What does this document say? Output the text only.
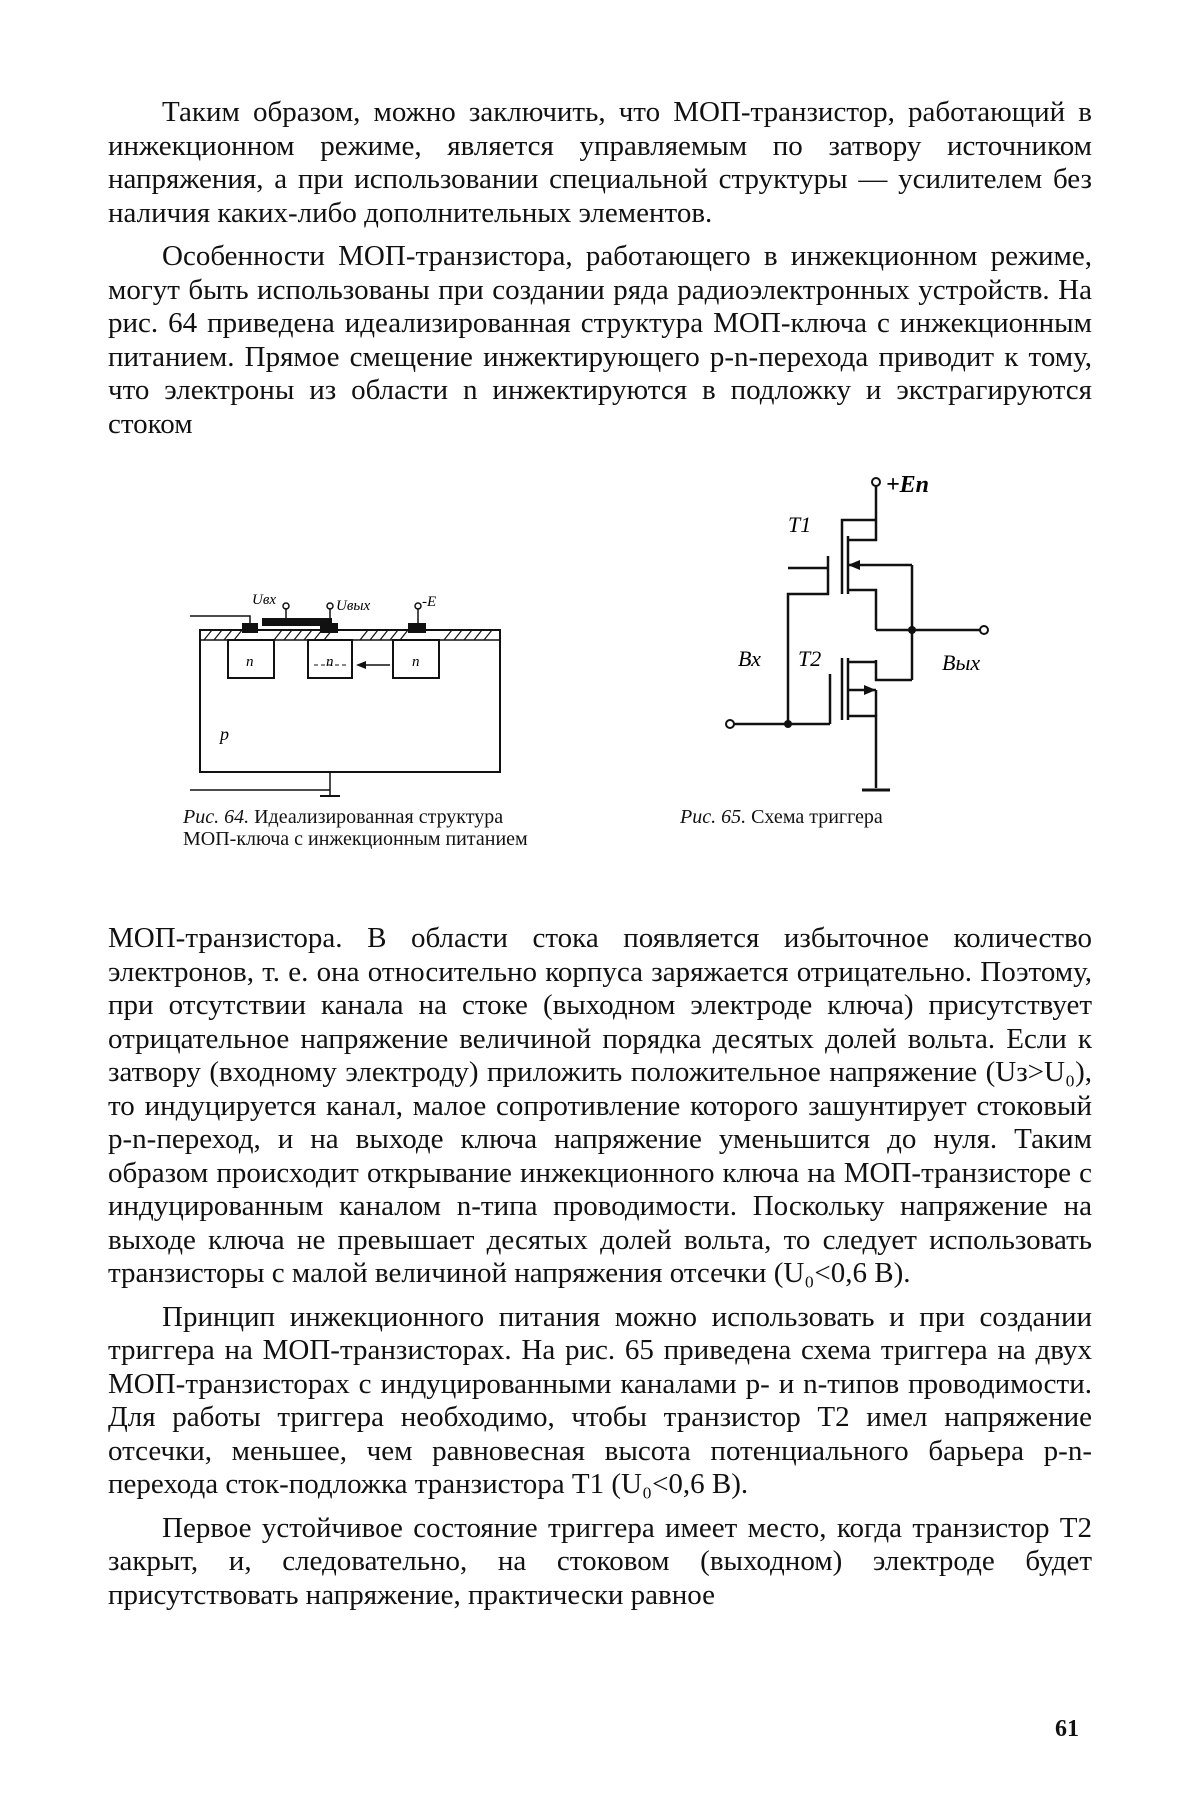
Таким образом, можно заключить, что МОП-транзистор, работающий в инжекционном режиме, является управляемым по затвору источником напряжения, а при использовании специальной структуры — усилителем без наличия каких-либо дополнительных элементов.

Особенности МОП-транзистора, работающего в инжекционном режиме, могут быть использованы при создании ряда радиоэлектронных устройств. На рис. 64 приведена идеализированная структура МОП-ключа с инжекционным питанием. Прямое смещение инжектирующего p-n-перехода приводит к тому, что электроны из области n инжектируются в подложку и экстрагируются стоком

Uвх	Uвых	-E
n	n	n
p
Рис. 64. Идеализированная структура МОП-ключа с инжекционным питанием
+Eп
T1
T2
Вх	Вых
Рис. 65. Схема триггера

МОП-транзистора. В области стока появляется избыточное количество электронов, т. е. она относительно корпуса заряжается отрицательно. Поэтому, при отсутствии канала на стоке (выходном электроде ключа) присутствует отрицательное напряжение величиной порядка десятых долей вольта. Если к затвору (входному электроду) приложить положительное напряжение (Uз>U₀), то индуцируется канал, малое сопротивление которого зашунтирует стоковый p-n-переход, и на выходе ключа напряжение уменьшится до нуля. Таким образом происходит открывание инжекционного ключа на МОП-транзисторе с индуцированным каналом n-типа проводимости. Поскольку напряжение на выходе ключа не превышает десятых долей вольта, то следует использовать транзисторы с малой величиной напряжения отсечки (U₀<0,6 В).

Принцип инжекционного питания можно использовать и при создании триггера на МОП-транзисторах. На рис. 65 приведена схема триггера на двух МОП-транзисторах с индуцированными каналами p- и n-типов проводимости. Для работы триггера необходимо, чтобы транзистор T2 имел напряжение отсечки, меньшее, чем равновесная высота потенциального барьера p-n-перехода сток-подложка транзистора T1 (U₀<0,6 В).

Первое устойчивое состояние триггера имеет место, когда транзистор T2 закрыт, и, следовательно, на стоковом (выходном) электроде будет присутствовать напряжение, практически равное

61
